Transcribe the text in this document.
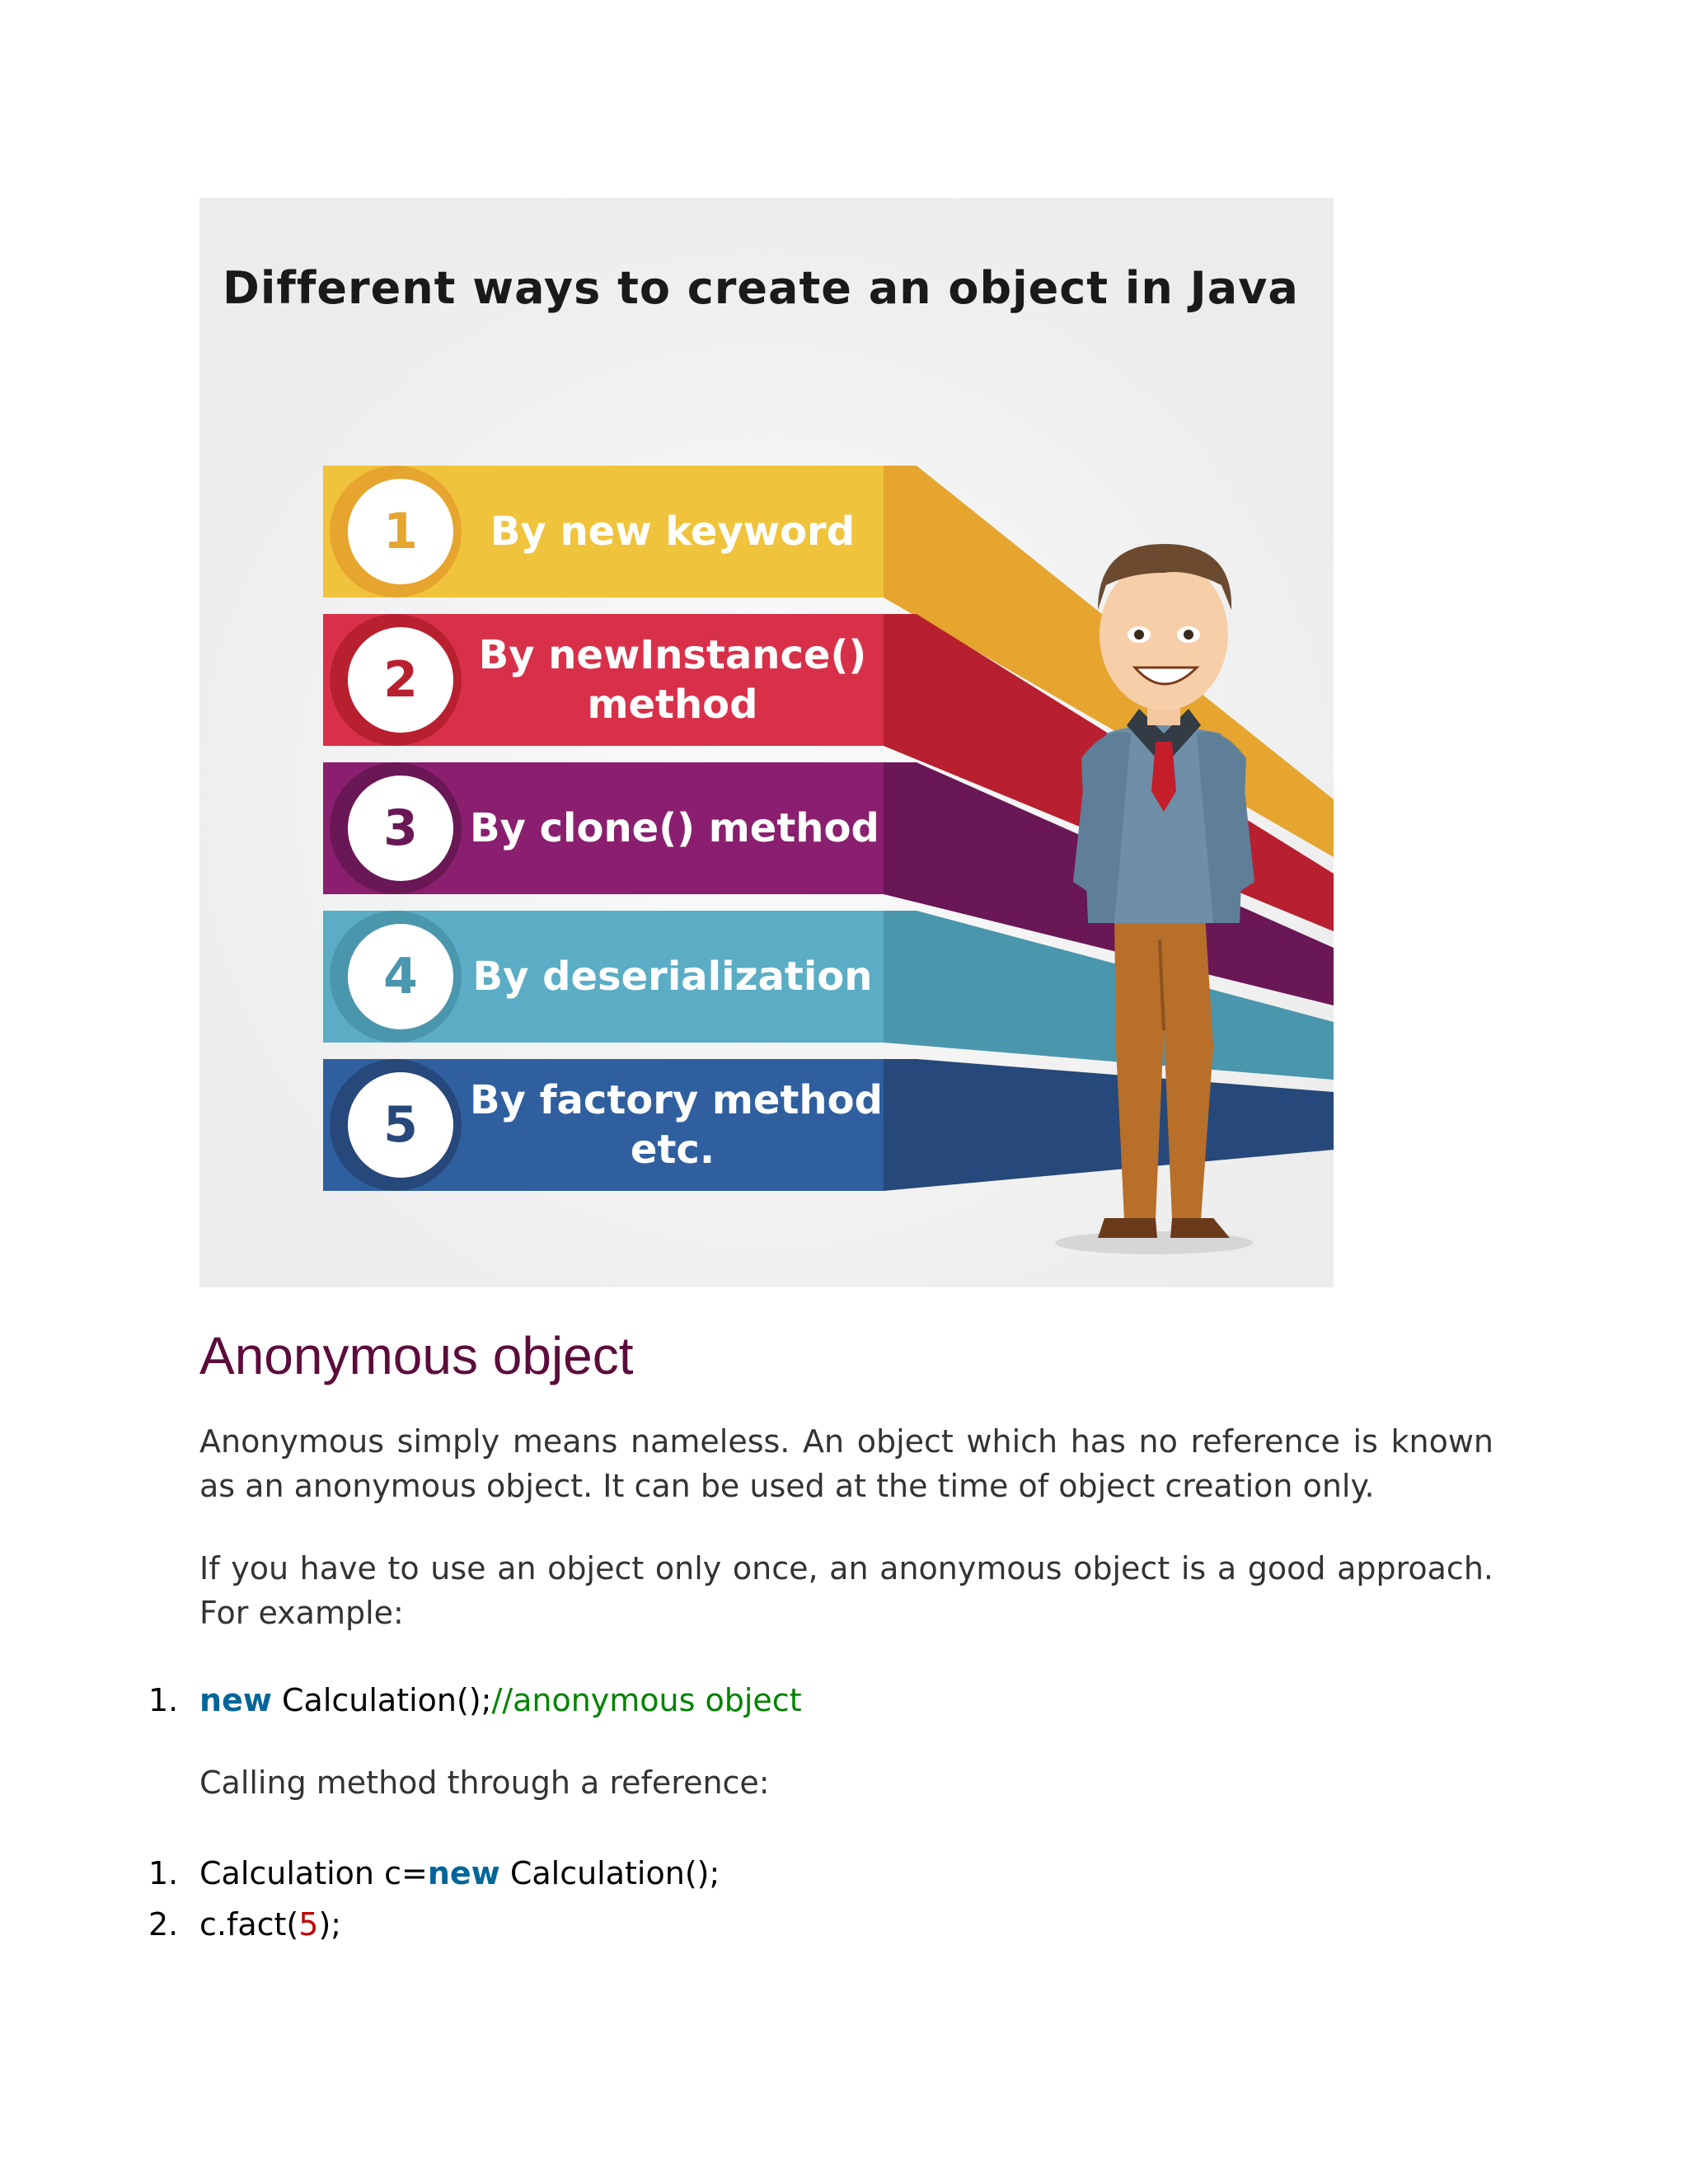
Different ways to create an object in Java
1	By new keyword
2	By newInstance()
method
3	By clone() method
4	By deserialization
5	By factory method
etc.
Anonymous object

Anonymous simply means nameless. An object which has no reference is known as an anonymous object. It can be used at the time of object creation only.

If you have to use an object only once, an anonymous object is a good approach. For example:

1. new Calculation();//anonymous object

Calling method through a reference:

1. Calculation c=new Calculation();
2. c.fact(5);
